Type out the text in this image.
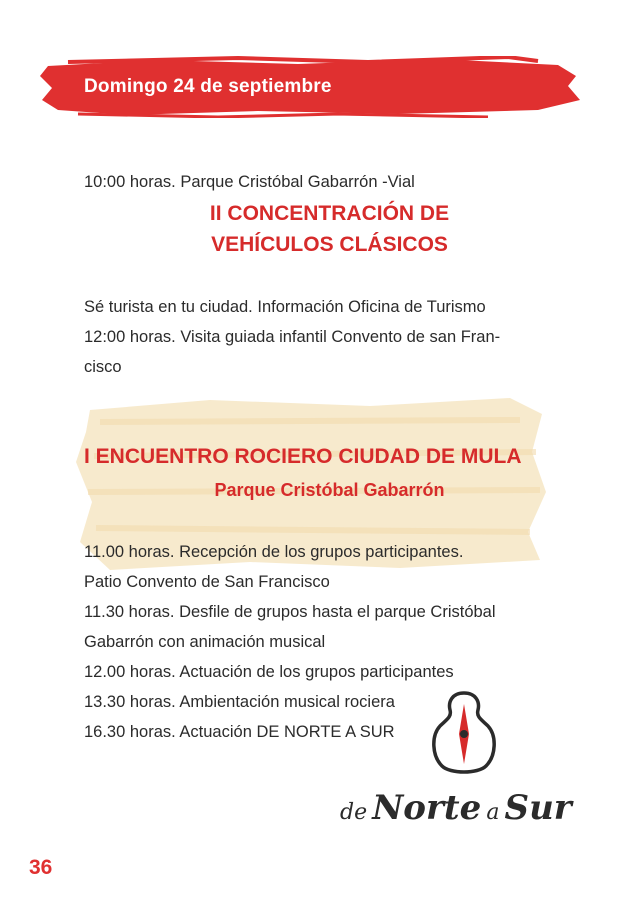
Domingo 24 de septiembre
10:00 horas. Parque Cristóbal Gabarrón -Vial
II CONCENTRACIÓN DE
VEHÍCULOS CLÁSICOS
Sé turista en tu ciudad. Información Oficina de Turismo
12:00 horas. Visita guiada infantil Convento de san Fran-
cisco
I ENCUENTRO ROCIERO CIUDAD DE MULA
Parque Cristóbal Gabarrón
11.00 horas. Recepción de los grupos participantes.
Patio Convento de San Francisco
11.30 horas. Desfile de grupos hasta el parque Cristóbal
Gabarrón con animación musical
12.00 horas. Actuación de los grupos participantes
13.30 horas. Ambientación musical rociera
16.30 horas. Actuación DE NORTE A SUR
de Norte a Sur
36
